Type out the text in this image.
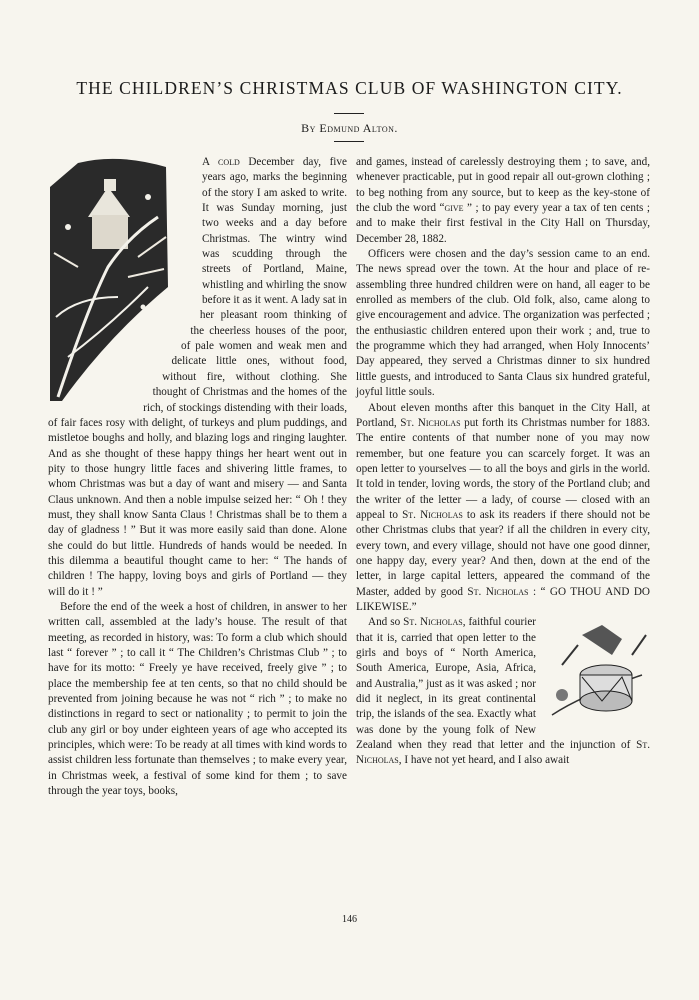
THE CHILDREN’S CHRISTMAS CLUB OF WASHINGTON CITY.
By Edmund Alton.

A cold December day, five years ago, marks the beginning of the story I am asked to write. It was Sunday morning, just two weeks and a day before Christmas. The wintry wind was scudding through the streets of Portland, Maine, whistling and whirling the snow before it as it went. A lady sat in her pleasant room thinking of the cheerless houses of the poor, of pale women and weak men and delicate little ones, without food, without fire, without clothing. She thought of Christmas and the homes of the rich, of stockings distending with their loads, of fair faces rosy with delight, of turkeys and plum puddings, and mistletoe boughs and holly, and blazing logs and ringing laughter. And as she thought of these happy things her heart went out in pity to those hungry little faces and shivering little frames, to whom Christmas was but a day of want and misery — and Santa Claus unknown. And then a noble impulse seized her: “ Oh ! they must, they shall know Santa Claus ! Christmas shall be to them a day of gladness ! ” But it was more easily said than done. Alone she could do but little. Hundreds of hands would be needed. In this dilemma a beautiful thought came to her: “ The hands of children ! The happy, loving boys and girls of Portland — they will do it ! ”

Before the end of the week a host of children, in answer to her written call, assembled at the lady’s house. The result of that meeting, as recorded in history, was: To form a club which should last “ forever ” ; to call it “ The Children’s Christmas Club ” ; to have for its motto: “ Freely ye have received, freely give ” ; to place the membership fee at ten cents, so that no child should be prevented from joining because he was not “ rich ” ; to make no distinctions in regard to sect or nationality ; to permit to join the club any girl or boy under eighteen years of age who accepted its principles, which were: To be ready at all times with kind words to assist children less fortunate than themselves ; to make every year, in Christmas week, a festival of some kind for them ; to save through the year toys, books,

and games, instead of carelessly destroying them ; to save, and, whenever practicable, put in good repair all out-grown clothing ; to beg nothing from any source, but to keep as the key-stone of the club the word “give ” ; to pay every year a tax of ten cents ; and to make their first festival in the City Hall on Thursday, December 28, 1882.

Officers were chosen and the day’s session came to an end. The news spread over the town. At the hour and place of re-assembling three hundred children were on hand, all eager to be enrolled as members of the club. Old folk, also, came along to give encouragement and advice. The organization was perfected ; the enthusiastic children entered upon their work ; and, true to the programme which they had arranged, when Holy Innocents’ Day appeared, they served a Christmas dinner to six hundred little guests, and introduced to Santa Claus six hundred grateful, joyful little souls.

About eleven months after this banquet in the City Hall, at Portland, St. Nicholas put forth its Christmas number for 1883. The entire contents of that number none of you may now remember, but one feature you can scarcely forget. It was an open letter to yourselves — to all the boys and girls in the world. It told in tender, loving words, the story of the Portland club; and the writer of the letter — a lady, of course — closed with an appeal to St. Nicholas to ask its readers if there should not be other Christmas clubs that year? if all the children in every city, every town, and every village, should not have one good dinner, one happy day, every year? And then, down at the end of the letter, in large capital letters, appeared the command of the Master, added by good St. Nicholas : “ GO THOU AND DO LIKEWISE.”

And so St. Nicholas, faithful courier that it is, carried that open letter to the girls and boys of “ North America, South America, Europe, Asia, Africa, and Australia,” just as it was asked ; nor did it neglect, in its great continental trip, the islands of the sea. Exactly what was done by the young folk of New Zealand when they read that letter and the injunction of St. Nicholas, I have not yet heard, and I also await

146
